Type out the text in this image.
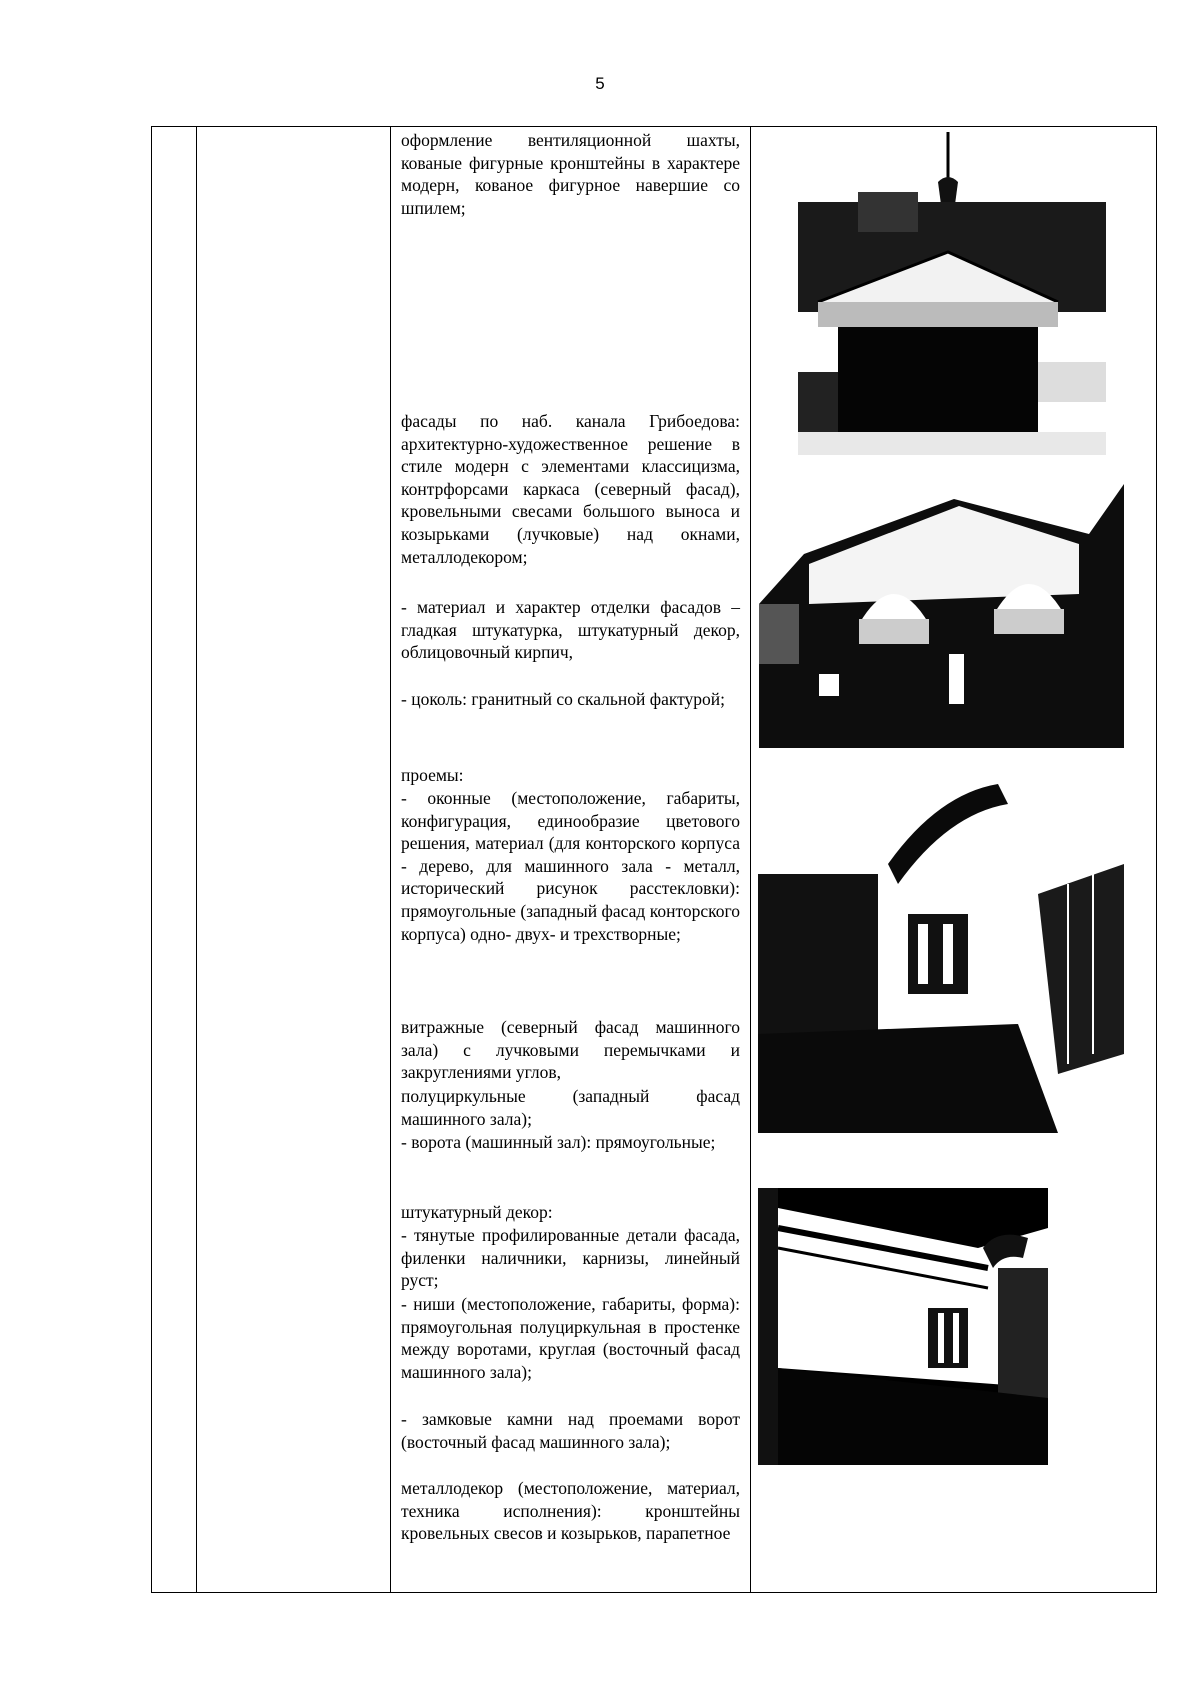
5

оформление вентиляционной шахты, кованые фигурные кронштейны в характере модерн, кованое фигурное навершие со шпилем;

фасады по наб. канала Грибоедова: архитектурно-художественное решение в стиле модерн с элементами классицизма, контрфорсами каркаса (северный фасад), кровельными свесами большого выноса и козырьками (лучковые) над окнами, металлодекором;

- материал и характер отделки фасадов – гладкая штукатурка, штукатурный декор, облицовочный кирпич,

- цоколь: гранитный со скальной фактурой;

проемы:

- оконные (местоположение, габариты, конфигурация, единообразие цветового решения, материал (для конторского корпуса - дерево, для машинного зала - металл, исторический рисунок расстекловки): прямоугольные (западный фасад конторского корпуса) одно- двух- и трехстворные;

витражные (северный фасад машинного зала) с лучковыми перемычками и закруглениями углов,

полуциркульные (западный фасад машинного зала);

- ворота (машинный зал): прямоугольные;

штукатурный декор:

- тянутые профилированные детали фасада, филенки наличники, карнизы, линейный руст;

- ниши (местоположение, габариты, форма): прямоугольная полуциркульная в простенке между воротами, круглая (восточный фасад машинного зала);

- замковые камни над проемами ворот (восточный фасад машинного зала);

металлодекор (местоположение, материал, техника исполнения): кронштейны кровельных свесов и козырьков, парапетное
